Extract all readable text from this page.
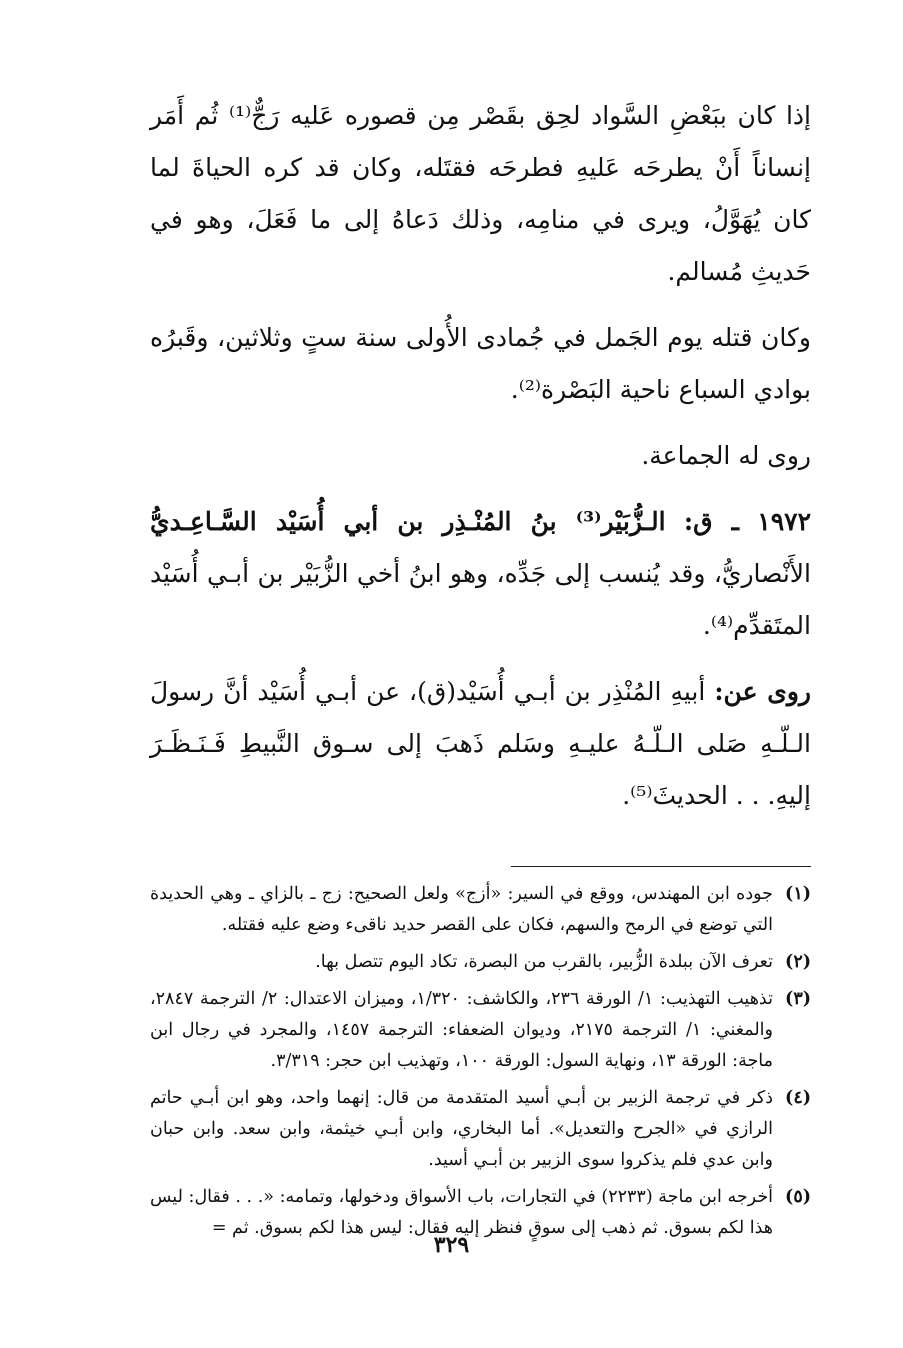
إذا كان ببَعْضِ السَّواد لحِق بقَصْر مِن قصوره عَليه رَجٌّ⁽¹⁾ ثُم أَمَر إنساناً أَنْ يطرحَه عَليهِ فطرحَه فقتَله، وكان قد كره الحياةَ لما كان يُهَوَّلُ، ويرى في منامِه، وذلك دَعاهُ إلى ما فَعَلَ، وهو في حَديثِ مُسالم.

وكان قتله يوم الجَمل في جُمادى الأُولى سنة ستٍ وثلاثين، وقَبرُه بوادي السباع ناحية البَصْرة⁽²⁾.

روى له الجماعة.

١٩٧٢ ـ ق: الـزُّبَيْر⁽³⁾ بنُ المُنْـذِر بن أبي أُسَيْد السَّـاعِـديُّ الأَنْصاريُّ، وقد يُنسب إلى جَدِّه، وهو ابنُ أخي الزُّبَيْر بن أبـي أُسَيْد المتَقدِّم⁽⁴⁾.

روى عن: أبيهِ المُنْذِر بن أبـي أُسَيْد(ق)، عن أبـي أُسَيْد أنَّ رسولَ الـلّـهِ صَلى الـلّـهُ عليـهِ وسَلم ذَهبَ إلى سـوق النَّبيطِ فَـنَـظَـرَ إليهِ. . . الحديثَ⁽⁵⁾.

(١)
جوده ابن المهندس، ووقع في السير: «أزج» ولعل الصحيح: زج ـ بالزاي ـ وهي الحديدة التي توضع في الرمح والسهم، فكان على القصر حديد ناقىء وضع عليه فقتله.
(٢)
تعرف الآن ببلدة الزُّبير، بالقرب من البصرة، تكاد اليوم تتصل بها.
(٣)
تذهيب التهذيب: ١/ الورقة ٢٣٦، والكاشف: ١/٣٢٠، وميزان الاعتدال: ٢/ الترجمة ٢٨٤٧، والمغني: ١/ الترجمة ٢١٧٥، وديوان الضعفاء: الترجمة ١٤٥٧، والمجرد في رجال ابن ماجة: الورقة ١٣، ونهاية السول: الورقة ١٠٠، وتهذيب ابن حجر: ٣/٣١٩.
(٤)
ذكر في ترجمة الزبير بن أبـي أسيد المتقدمة من قال: إنهما واحد، وهو ابن أبـي حاتم الرازي في «الجرح والتعديل». أما البخاري، وابن أبـي خيثمة، وابن سعد. وابن حبان وابن عدي فلم يذكروا سوى الزبير بن أبـي أسيد.
(٥)
أخرجه ابن ماجة (٢٢٣٣) في التجارات، باب الأسواق ودخولها، وتمامه: «. . . فقال: ليس هذا لكم بسوق. ثم ذهب إلى سوقٍ فنظر إليه فقال: ليس هذا لكم بسوق. ثم =
٣٢٩
